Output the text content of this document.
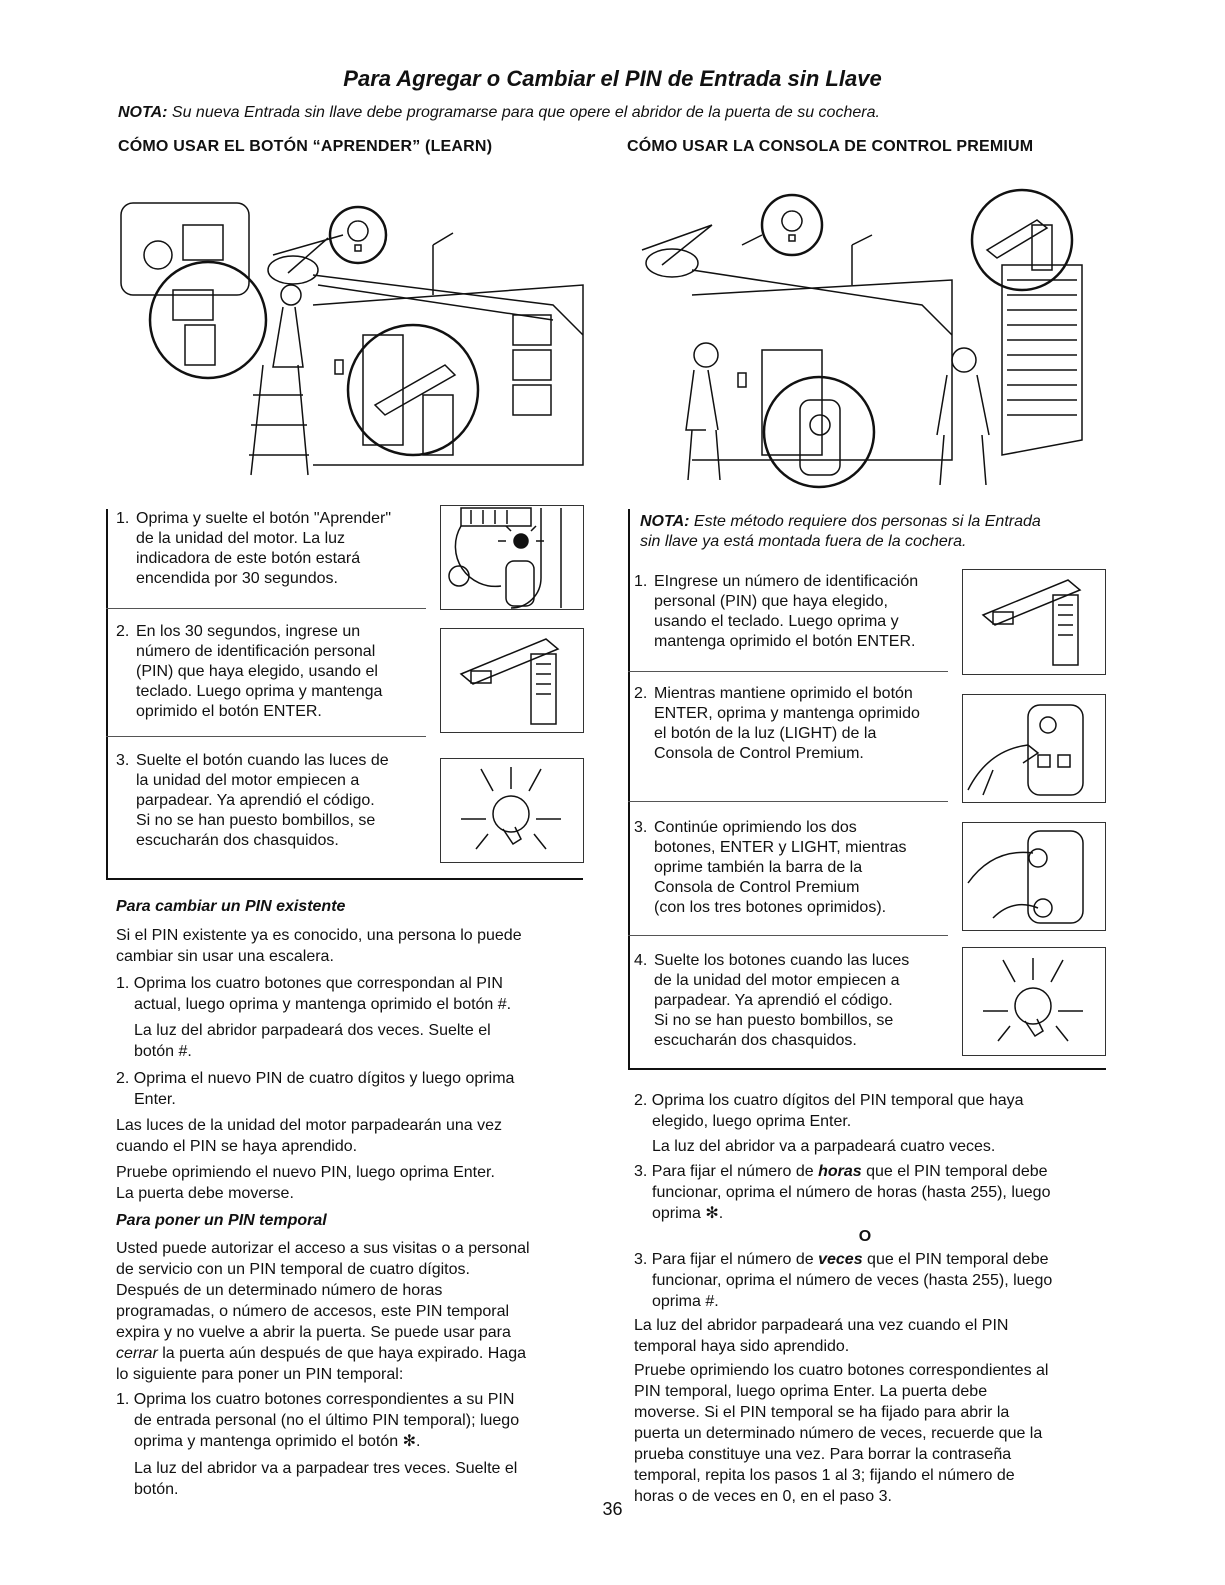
Para Agregar o Cambiar el PIN de Entrada sin Llave
NOTA: Su nueva Entrada sin llave debe programarse para que opere el abridor de la puerta de su cochera.
CÓMO USAR EL BOTÓN “APRENDER” (LEARN)	CÓMO USAR LA CONSOLA DE CONTROL PREMIUM
1. Oprima y suelte el botón "Aprender"
de la unidad del motor. La luz
indicadora de este botón estará
encendida por 30 segundos.
2. En los 30 segundos, ingrese un
número de identificación personal
(PIN) que haya elegido, usando el
teclado. Luego oprima y mantenga
oprimido el botón ENTER.
3. Suelte el botón cuando las luces de
la unidad del motor empiecen a
parpadear. Ya aprendió el código.
Si no se han puesto bombillos, se
escucharán dos chasquidos.
NOTA: Este método requiere dos personas si la Entrada
sin llave ya está montada fuera de la cochera.
1. EIngrese un número de identificación
personal (PIN) que haya elegido,
usando el teclado. Luego oprima y
mantenga oprimido el botón ENTER.
2. Mientras mantiene oprimido el botón
ENTER, oprima y mantenga oprimido
el botón de la luz (LIGHT) de la
Consola de Control Premium.
3. Continúe oprimiendo los dos
botones, ENTER y LIGHT, mientras
oprime también la barra de la
Consola de Control Premium
(con los tres botones oprimidos).
4. Suelte los botones cuando las luces
de la unidad del motor empiecen a
parpadear. Ya aprendió el código.
Si no se han puesto bombillos, se
escucharán dos chasquidos.
Para cambiar un PIN existente
Si el PIN existente ya es conocido, una persona lo puede
cambiar sin usar una escalera.
1. Oprima los cuatro botones que correspondan al PIN
actual, luego oprima y mantenga oprimido el botón #.
La luz del abridor parpadeará dos veces. Suelte el
botón #.
2. Oprima el nuevo PIN de cuatro dígitos y luego oprima
Enter.
Las luces de la unidad del motor parpadearán una vez
cuando el PIN se haya aprendido.
Pruebe oprimiendo el nuevo PIN, luego oprima Enter.
La puerta debe moverse.
Para poner un PIN temporal
Usted puede autorizar el acceso a sus visitas o a personal
de servicio con un PIN temporal de cuatro dígitos.
Después de un determinado número de horas
programadas, o número de accesos, este PIN temporal
expira y no vuelve a abrir la puerta. Se puede usar para
cerrar la puerta aún después de que haya expirado. Haga
lo siguiente para poner un PIN temporal:
1. Oprima los cuatro botones correspondientes a su PIN
de entrada personal (no el último PIN temporal); luego
oprima y mantenga oprimido el botón ✻.
La luz del abridor va a parpadear tres veces. Suelte el
botón.
2. Oprima los cuatro dígitos del PIN temporal que haya
elegido, luego oprima Enter.
La luz del abridor va a parpadeará cuatro veces.
3. Para fijar el número de horas que el PIN temporal debe
funcionar, oprima el número de horas (hasta 255), luego
oprima ✻.
O
3. Para fijar el número de veces que el PIN temporal debe
funcionar, oprima el número de veces (hasta 255), luego
oprima #.
La luz del abridor parpadeará una vez cuando el PIN
temporal haya sido aprendido.
Pruebe oprimiendo los cuatro botones correspondientes al
PIN temporal, luego oprima Enter. La puerta debe
moverse. Si el PIN temporal se ha fijado para abrir la
puerta un determinado número de veces, recuerde que la
prueba constituye una vez. Para borrar la contraseña
temporal, repita los pasos 1 al 3; fijando el número de
horas o de veces en 0, en el paso 3.
36
